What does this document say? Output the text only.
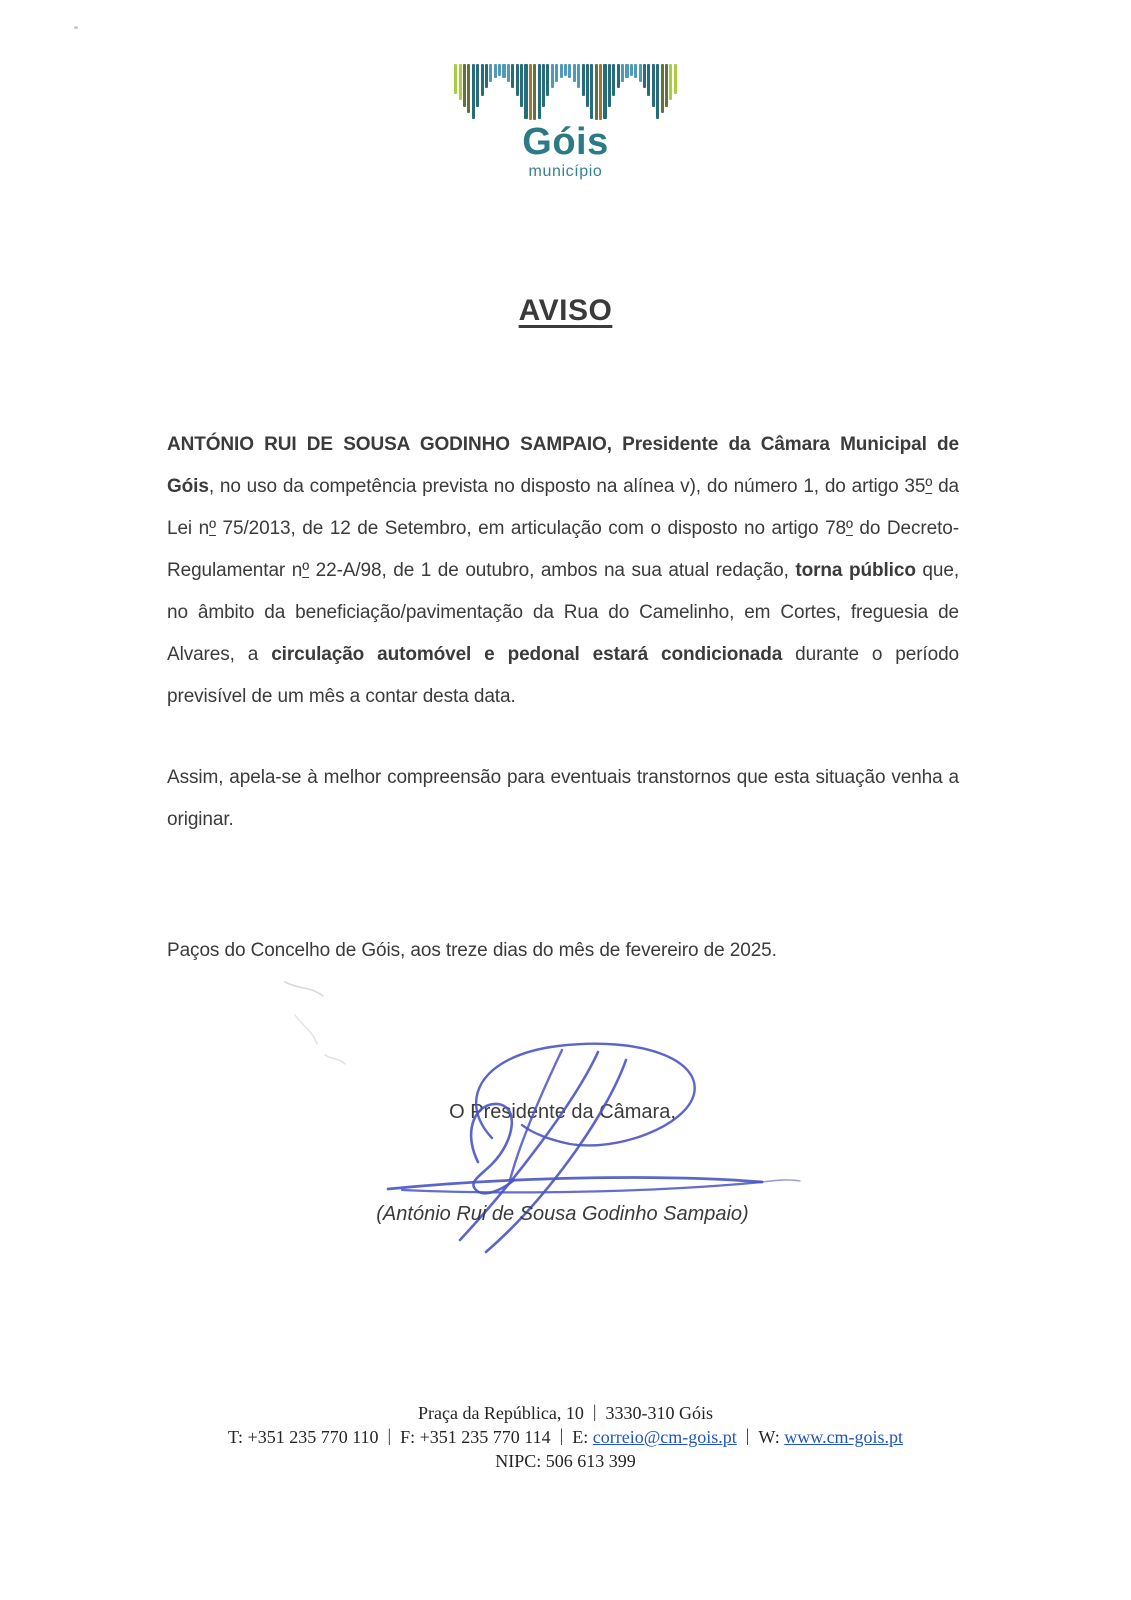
Góis
município
AVISO
ANTÓNIO RUI DE SOUSA GODINHO SAMPAIO, Presidente da Câmara Municipal de Góis, no uso da competência prevista no disposto na alínea v), do número 1, do artigo 35º da Lei nº 75/2013, de 12 de Setembro, em articulação com o disposto no artigo 78º do Decreto-Regulamentar nº 22-A/98, de 1 de outubro, ambos na sua atual redação, torna público que, no âmbito da beneficiação/pavimentação da Rua do Camelinho, em Cortes, freguesia de Alvares, a circulação automóvel e pedonal estará condicionada durante o período previsível de um mês a contar desta data.
Assim, apela-se à melhor compreensão para eventuais transtornos que esta situação venha a originar.
Paços do Concelho de Góis, aos treze dias do mês de fevereiro de 2025.
O Presidente da Câmara,
(António Rui de Sousa Godinho Sampaio)
Praça da República, 10 | 3330-310 Góis
T: +351 235 770 110 | F: +351 235 770 114 | E: correio@cm-gois.pt | W: www.cm-gois.pt
NIPC: 506 613 399
